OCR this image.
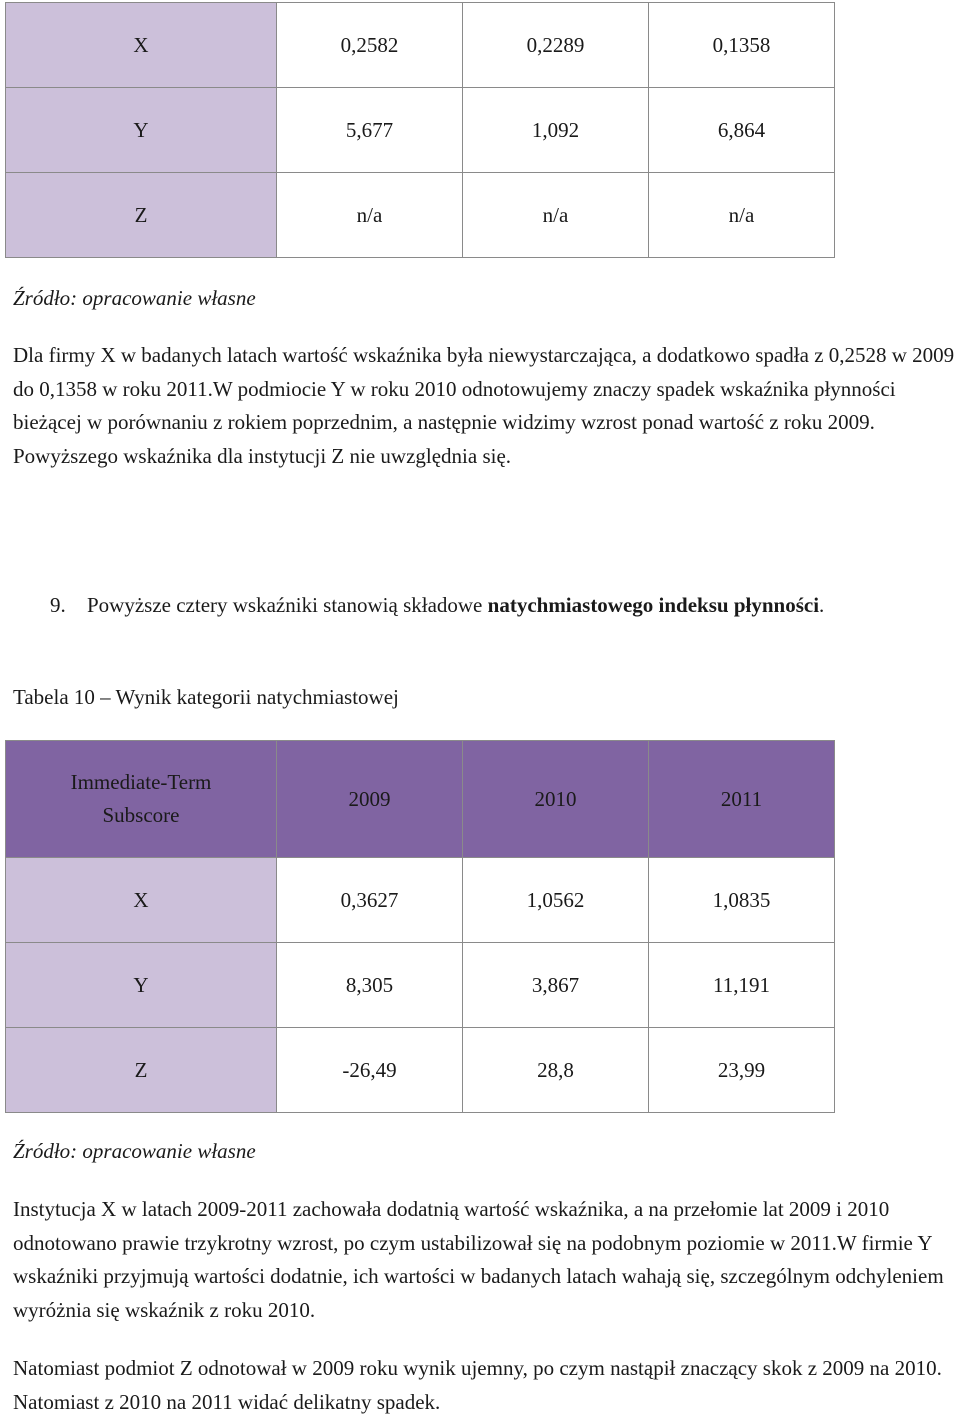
X	0,2582	0,2289	0,1358
Y	5,677	1,092	6,864
Z	n/a	n/a	n/a

Źródło: opracowanie własne

Dla firmy X w badanych latach wartość wskaźnika była niewystarczająca, a dodatkowo spadła z 0,2528 w 2009 do 0,1358 w roku 2011.W podmiocie Y w roku 2010 odnotowujemy znaczy spadek wskaźnika płynności bieżącej w porównaniu z rokiem poprzednim, a następnie widzimy wzrost ponad wartość z roku 2009. Powyższego wskaźnika dla instytucji Z nie uwzględnia się.

9. Powyższe cztery wskaźniki stanowią składowe natychmiastowego indeksu płynności.

Tabela 10 – Wynik kategorii natychmiastowej

Immediate-Term Subscore	2009	2010	2011
X	0,3627	1,0562	1,0835
Y	8,305	3,867	11,191
Z	-26,49	28,8	23,99

Źródło: opracowanie własne

Instytucja X w latach 2009-2011 zachowała dodatnią wartość wskaźnika, a na przełomie lat 2009 i 2010 odnotowano prawie trzykrotny wzrost, po czym ustabilizował się na podobnym poziomie w 2011.W firmie Y wskaźniki przyjmują wartości dodatnie, ich wartości w badanych latach wahają się, szczególnym odchyleniem wyróżnia się wskaźnik z roku 2010.

Natomiast podmiot Z odnotował w 2009 roku wynik ujemny, po czym nastąpił znaczący skok z 2009 na 2010. Natomiast z 2010 na 2011 widać delikatny spadek.
